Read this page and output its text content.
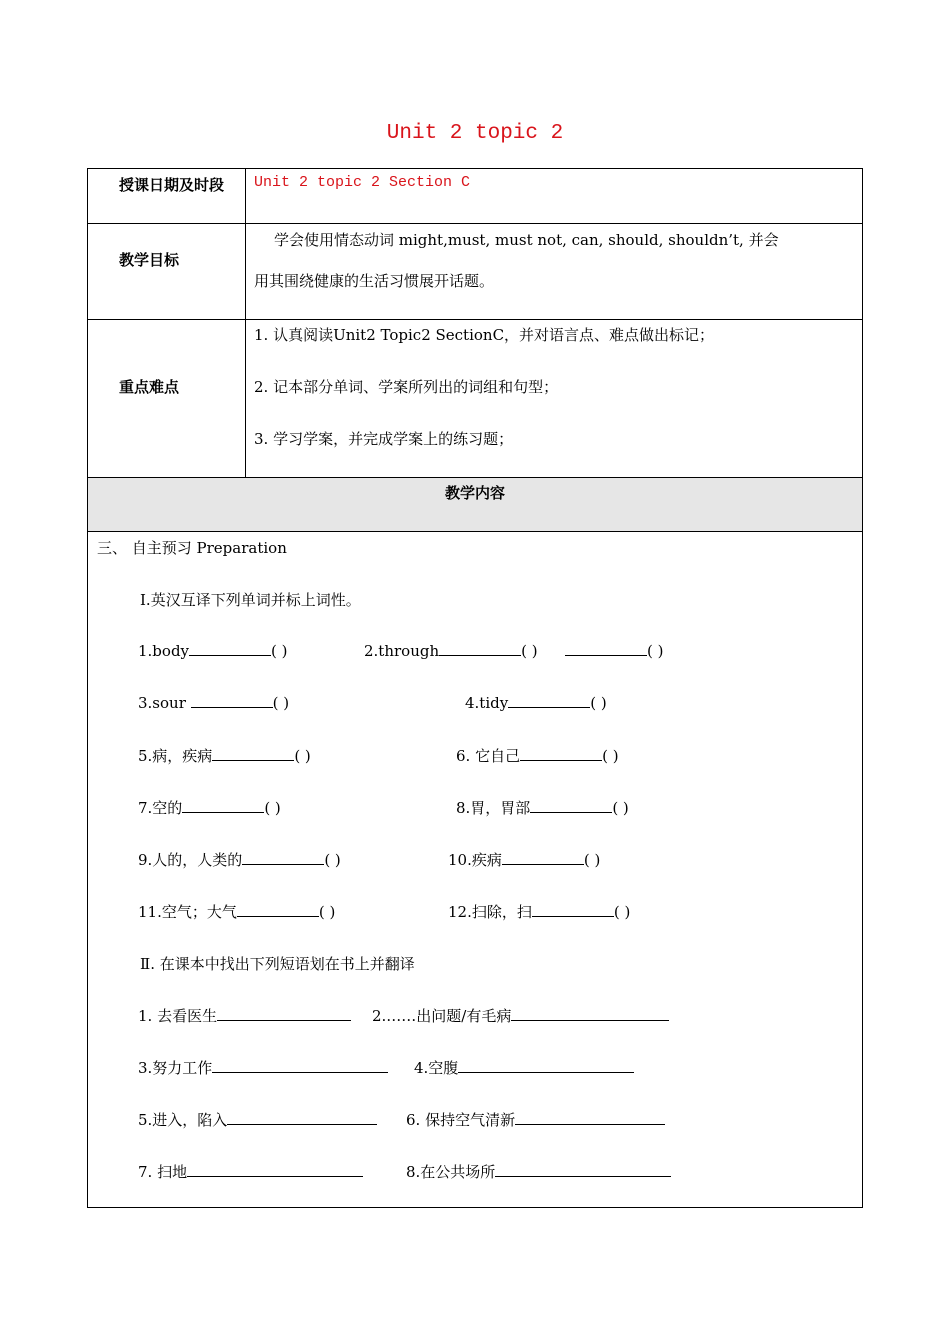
Unit 2 topic 2
授课日期及时段 Unit 2 topic 2 Section C
教学目标
学会使用情态动词 might,must, must not, can, should, shouldn’t, 并会
用其围绕健康的生活习惯展开话题。
重点难点
1. 认真阅读Unit2 Topic2 SectionC，并对语言点、难点做出标记；
2. 记本部分单词、学案所列出的词组和句型；
3. 学习学案，并完成学案上的练习题；
教学内容
三、 自主预习 Preparation
Ⅰ.英汉互译下列单词并标上词性。
1.body	( )	2.through	( )	( )
3.sour	( )	4.tidy	( )
5.病，疾病	( )	6. 它自己	( )
7.空的	( )	8.胃，胃部	( )
9.人的，人类的	( )	10.疾病	( )
11.空气；大气	( )	12.扫除，扫	( )
Ⅱ. 在课本中找出下列短语划在书上并翻译
1. 去看医生	2.……出问题/有毛病
3.努力工作	4.空腹
5.进入，陷入	6. 保持空气清新
7. 扫地	8.在公共场所
